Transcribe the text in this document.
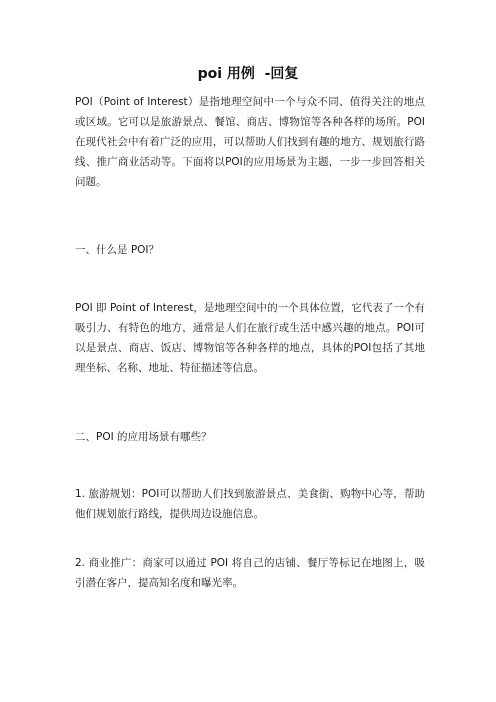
poi 用例  -回复

POI（Point of Interest）是指地理空间中一个与众不同、值得关注的地点或区域。它可以是旅游景点、餐馆、商店、博物馆等各种各样的场所。POI在现代社会中有着广泛的应用，可以帮助人们找到有趣的地方、规划旅行路线、推广商业活动等。下面将以POI的应用场景为主题，一步一步回答相关问题。

一、什么是 POI？

POI 即 Point of Interest，是地理空间中的一个具体位置，它代表了一个有吸引力、有特色的地方，通常是人们在旅行或生活中感兴趣的地点。POI可以是景点、商店、饭店、博物馆等各种各样的地点，具体的POI包括了其地理坐标、名称、地址、特征描述等信息。

二、POI 的应用场景有哪些？

1. 旅游规划：POI可以帮助人们找到旅游景点、美食街、购物中心等，帮助他们规划旅行路线，提供周边设施信息。

2. 商业推广：商家可以通过 POI 将自己的店铺、餐厅等标记在地图上，吸引潜在客户，提高知名度和曝光率。
